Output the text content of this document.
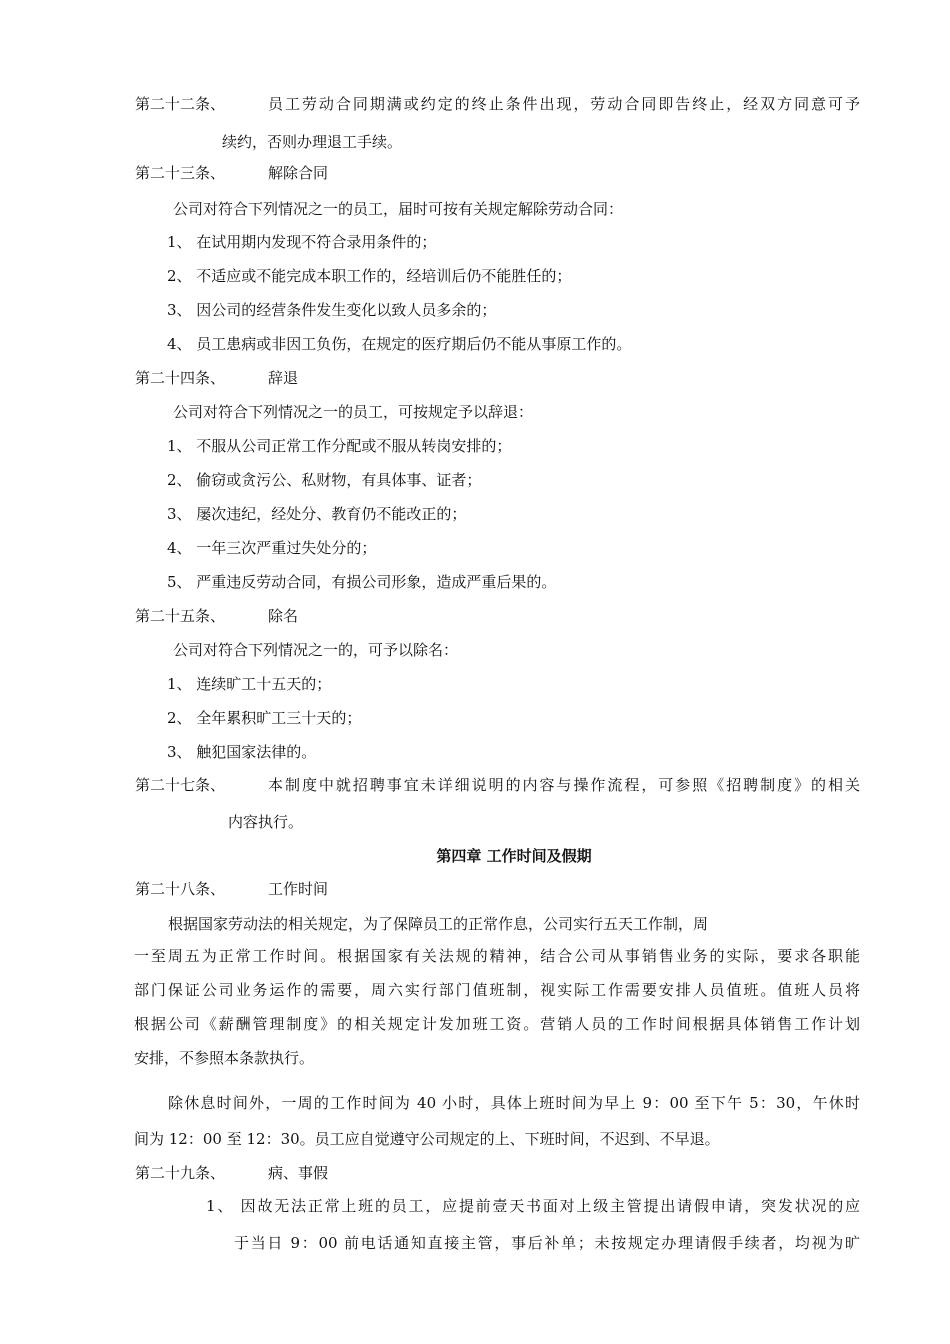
第二十二条、	员工劳动合同期满或约定的终止条件出现，劳动合同即告终止，经双方同意可予
续约，否则办理退工手续。
第二十三条、	解除合同
公司对符合下列情况之一的员工，届时可按有关规定解除劳动合同：
1、 在试用期内发现不符合录用条件的；
2、 不适应或不能完成本职工作的，经培训后仍不能胜任的；
3、 因公司的经营条件发生变化以致人员多余的；
4、 员工患病或非因工负伤，在规定的医疗期后仍不能从事原工作的。
第二十四条、	辞退
公司对符合下列情况之一的员工，可按规定予以辞退：
1、 不服从公司正常工作分配或不服从转岗安排的；
2、 偷窃或贪污公、私财物，有具体事、证者；
3、 屡次违纪，经处分、教育仍不能改正的；
4、 一年三次严重过失处分的；
5、 严重违反劳动合同，有损公司形象，造成严重后果的。
第二十五条、	除名
公司对符合下列情况之一的，可予以除名：
1、 连续旷工十五天的；
2、 全年累积旷工三十天的；
3、 触犯国家法律的。
第二十七条、	本制度中就招聘事宜未详细说明的内容与操作流程，可参照《招聘制度》的相关
内容执行。
第四章 工作时间及假期
第二十八条、	工作时间
根据国家劳动法的相关规定，为了保障员工的正常作息，公司实行五天工作制，周
一至周五为正常工作时间。根据国家有关法规的精神，结合公司从事销售业务的实际，要求各职能
部门保证公司业务运作的需要，周六实行部门值班制，视实际工作需要安排人员值班。值班人员将
根据公司《薪酬管理制度》的相关规定计发加班工资。营销人员的工作时间根据具体销售工作计划
安排，不参照本条款执行。
除休息时间外，一周的工作时间为 40 小时，具体上班时间为早上 9：00 至下午 5：30，午休时
间为 12：00 至 12：30。员工应自觉遵守公司规定的上、下班时间，不迟到、不早退。
第二十九条、	病、事假
1、 因故无法正常上班的员工，应提前壹天书面对上级主管提出请假申请，突发状况的应
于当日 9：00 前电话通知直接主管，事后补单；未按规定办理请假手续者，均视为旷
